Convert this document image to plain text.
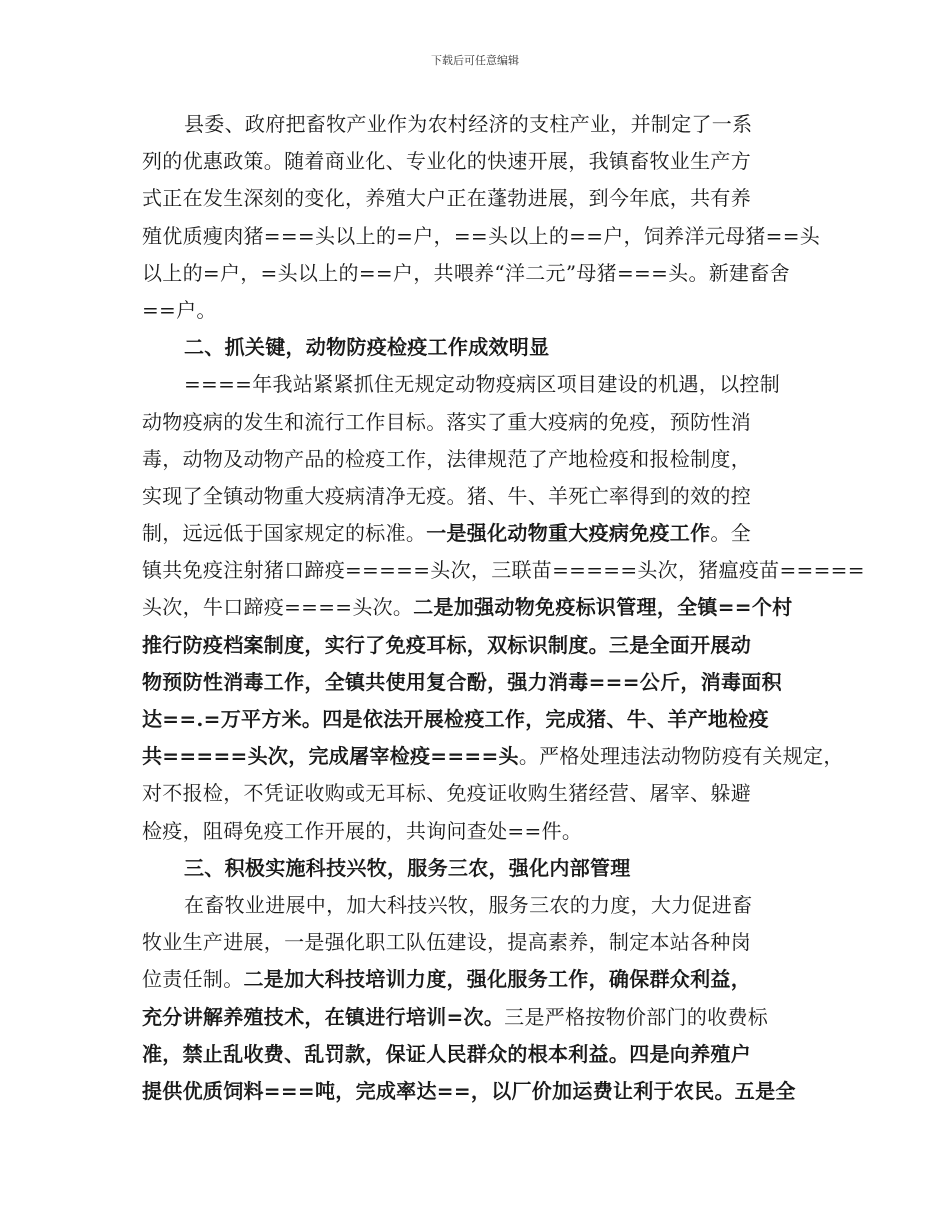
下载后可任意编辑
县委、政府把畜牧产业作为农村经济的支柱产业，并制定了一系
列的优惠政策。随着商业化、专业化的快速开展，我镇畜牧业生产方
式正在发生深刻的变化，养殖大户正在蓬勃进展，到今年底，共有养
殖优质瘦肉猪===头以上的=户，==头以上的==户，饲养洋元母猪==头
以上的=户，=头以上的==户，共喂养“洋二元”母猪===头。新建畜舍
==户。
二、抓关键，动物防疫检疫工作成效明显
====年我站紧紧抓住无规定动物疫病区项目建设的机遇，以控制
动物疫病的发生和流行工作目标。落实了重大疫病的免疫，预防性消
毒，动物及动物产品的检疫工作，法律规范了产地检疫和报检制度，
实现了全镇动物重大疫病清净无疫。猪、牛、羊死亡率得到的效的控
制，远远低于国家规定的标准。一是强化动物重大疫病免疫工作。全
镇共免疫注射猪口蹄疫=====头次，三联苗=====头次，猪瘟疫苗=====
头次，牛口蹄疫====头次。二是加强动物免疫标识管理，全镇==个村
推行防疫档案制度，实行了免疫耳标，双标识制度。三是全面开展动
物预防性消毒工作，全镇共使用复合酚，强力消毒===公斤，消毒面积
达==.=万平方米。四是依法开展检疫工作，完成猪、牛、羊产地检疫
共=====头次，完成屠宰检疫====头。严格处理违法动物防疫有关规定，
对不报检，不凭证收购或无耳标、免疫证收购生猪经营、屠宰、躲避
检疫，阻碍免疫工作开展的，共询问查处==件。
三、积极实施科技兴牧，服务三农，强化内部管理
在畜牧业进展中，加大科技兴牧，服务三农的力度，大力促进畜
牧业生产进展，一是强化职工队伍建设，提高素养，制定本站各种岗
位责任制。二是加大科技培训力度，强化服务工作，确保群众利益，
充分讲解养殖技术，在镇进行培训=次。三是严格按物价部门的收费标
准，禁止乱收费、乱罚款，保证人民群众的根本利益。四是向养殖户
提供优质饲料===吨，完成率达==，以厂价加运费让利于农民。五是全
